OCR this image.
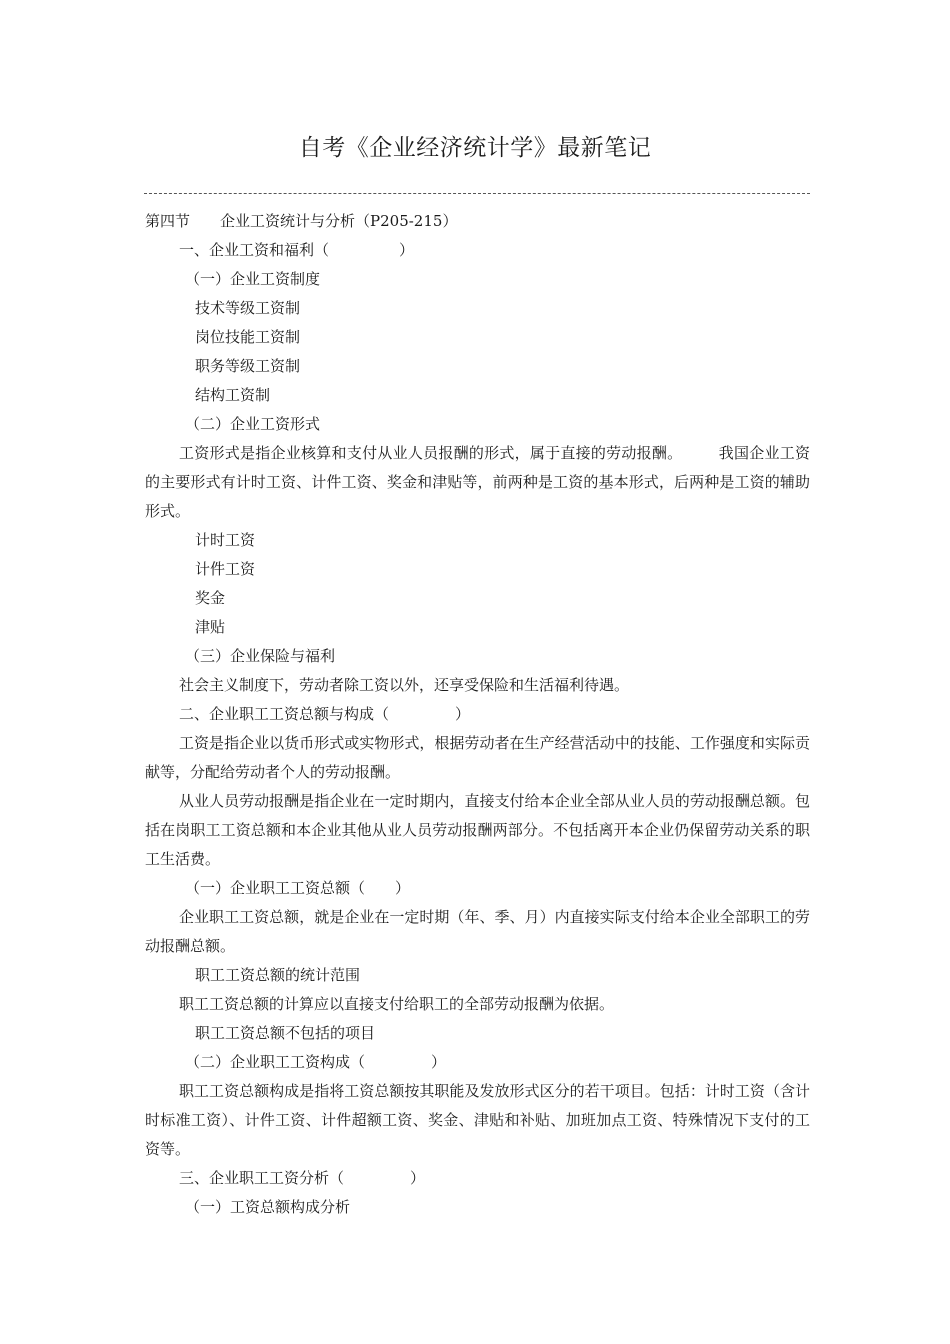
自考《企业经济统计学》最新笔记

第四节 企业工资统计与分析（P205-215）

一、企业工资和福利（	）

（一）企业工资制度

技术等级工资制

岗位技能工资制

职务等级工资制

结构工资制

（二）企业工资形式

工资形式是指企业核算和支付从业人员报酬的形式，属于直接的劳动报酬。 我国企业工资的主要形式有计时工资、计件工资、奖金和津贴等，前两种是工资的基本形式，后两种是工资的辅助形式。

计时工资

计件工资

奖金

津贴

（三）企业保险与福利

社会主义制度下，劳动者除工资以外，还享受保险和生活福利待遇。

二、企业职工工资总额与构成（	）

工资是指企业以货币形式或实物形式，根据劳动者在生产经营活动中的技能、工作强度和实际贡献等，分配给劳动者个人的劳动报酬。

从业人员劳动报酬是指企业在一定时期内，直接支付给本企业全部从业人员的劳动报酬总额。包括在岗职工工资总额和本企业其他从业人员劳动报酬两部分。不包括离开本企业仍保留劳动关系的职工生活费。

（一）企业职工工资总额（ ）

企业职工工资总额，就是企业在一定时期（年、季、月）内直接实际支付给本企业全部职工的劳动报酬总额。

职工工资总额的统计范围

职工工资总额的计算应以直接支付给职工的全部劳动报酬为依据。

职工工资总额不包括的项目

（二）企业职工工资构成（	）

职工工资总额构成是指将工资总额按其职能及发放形式区分的若干项目。包括：计时工资（含计时标准工资）、计件工资、计件超额工资、奖金、津贴和补贴、加班加点工资、特殊情况下支付的工资等。

三、企业职工工资分析（	）

（一）工资总额构成分析
